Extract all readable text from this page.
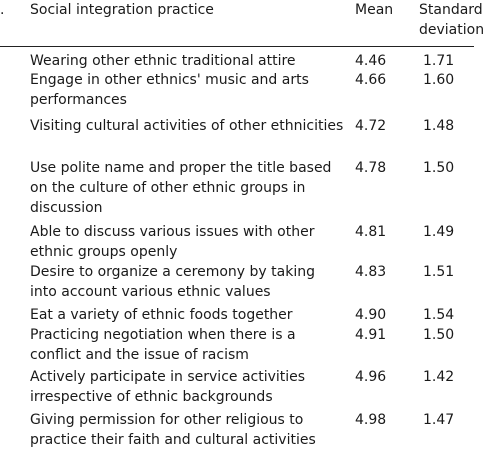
. Social integration practice	Mean Standard deviation
Wearing other ethnic traditional attire	4.46	1.71
Engage in other ethnics' music and arts performances
4.66	1.60
Visiting cultural activities of other ethnicities 4.72	1.48
Use polite name and proper the title based on the culture of other ethnic groups in discussion
4.78	1.50
Able to discuss various issues with other ethnic groups openly
4.81	1.49
Desire to organize a ceremony by taking into account various ethnic values
4.83	1.51
Eat a variety of ethnic foods together	4.90	1.54
Practicing negotiation when there is a conflict and the issue of racism
4.91	1.50
Actively participate in service activities irrespective of ethnic backgrounds
4.96	1.42
Giving permission for other religious to practice their faith and cultural activities
4.98	1.47
